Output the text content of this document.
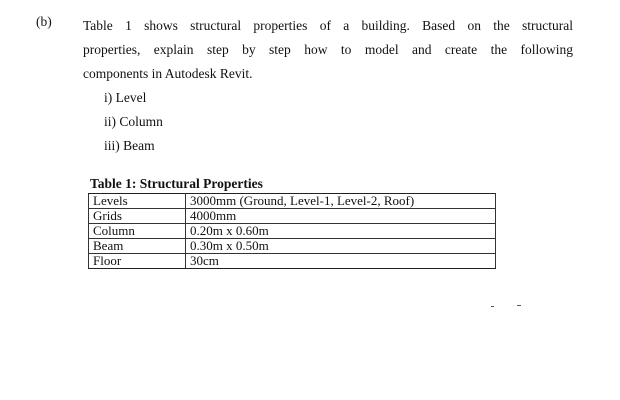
(b) Table 1 shows structural properties of a building. Based on the structural
properties, explain step by step how to model and create the following
components in Autodesk Revit.
i) Level
ii) Column
iii) Beam
Table 1: Structural Properties
Levels	3000mm (Ground, Level-1, Level-2, Roof)
Grids	4000mm
Column	0.20m x 0.60m
Beam	0.30m x 0.50m
Floor	30cm
